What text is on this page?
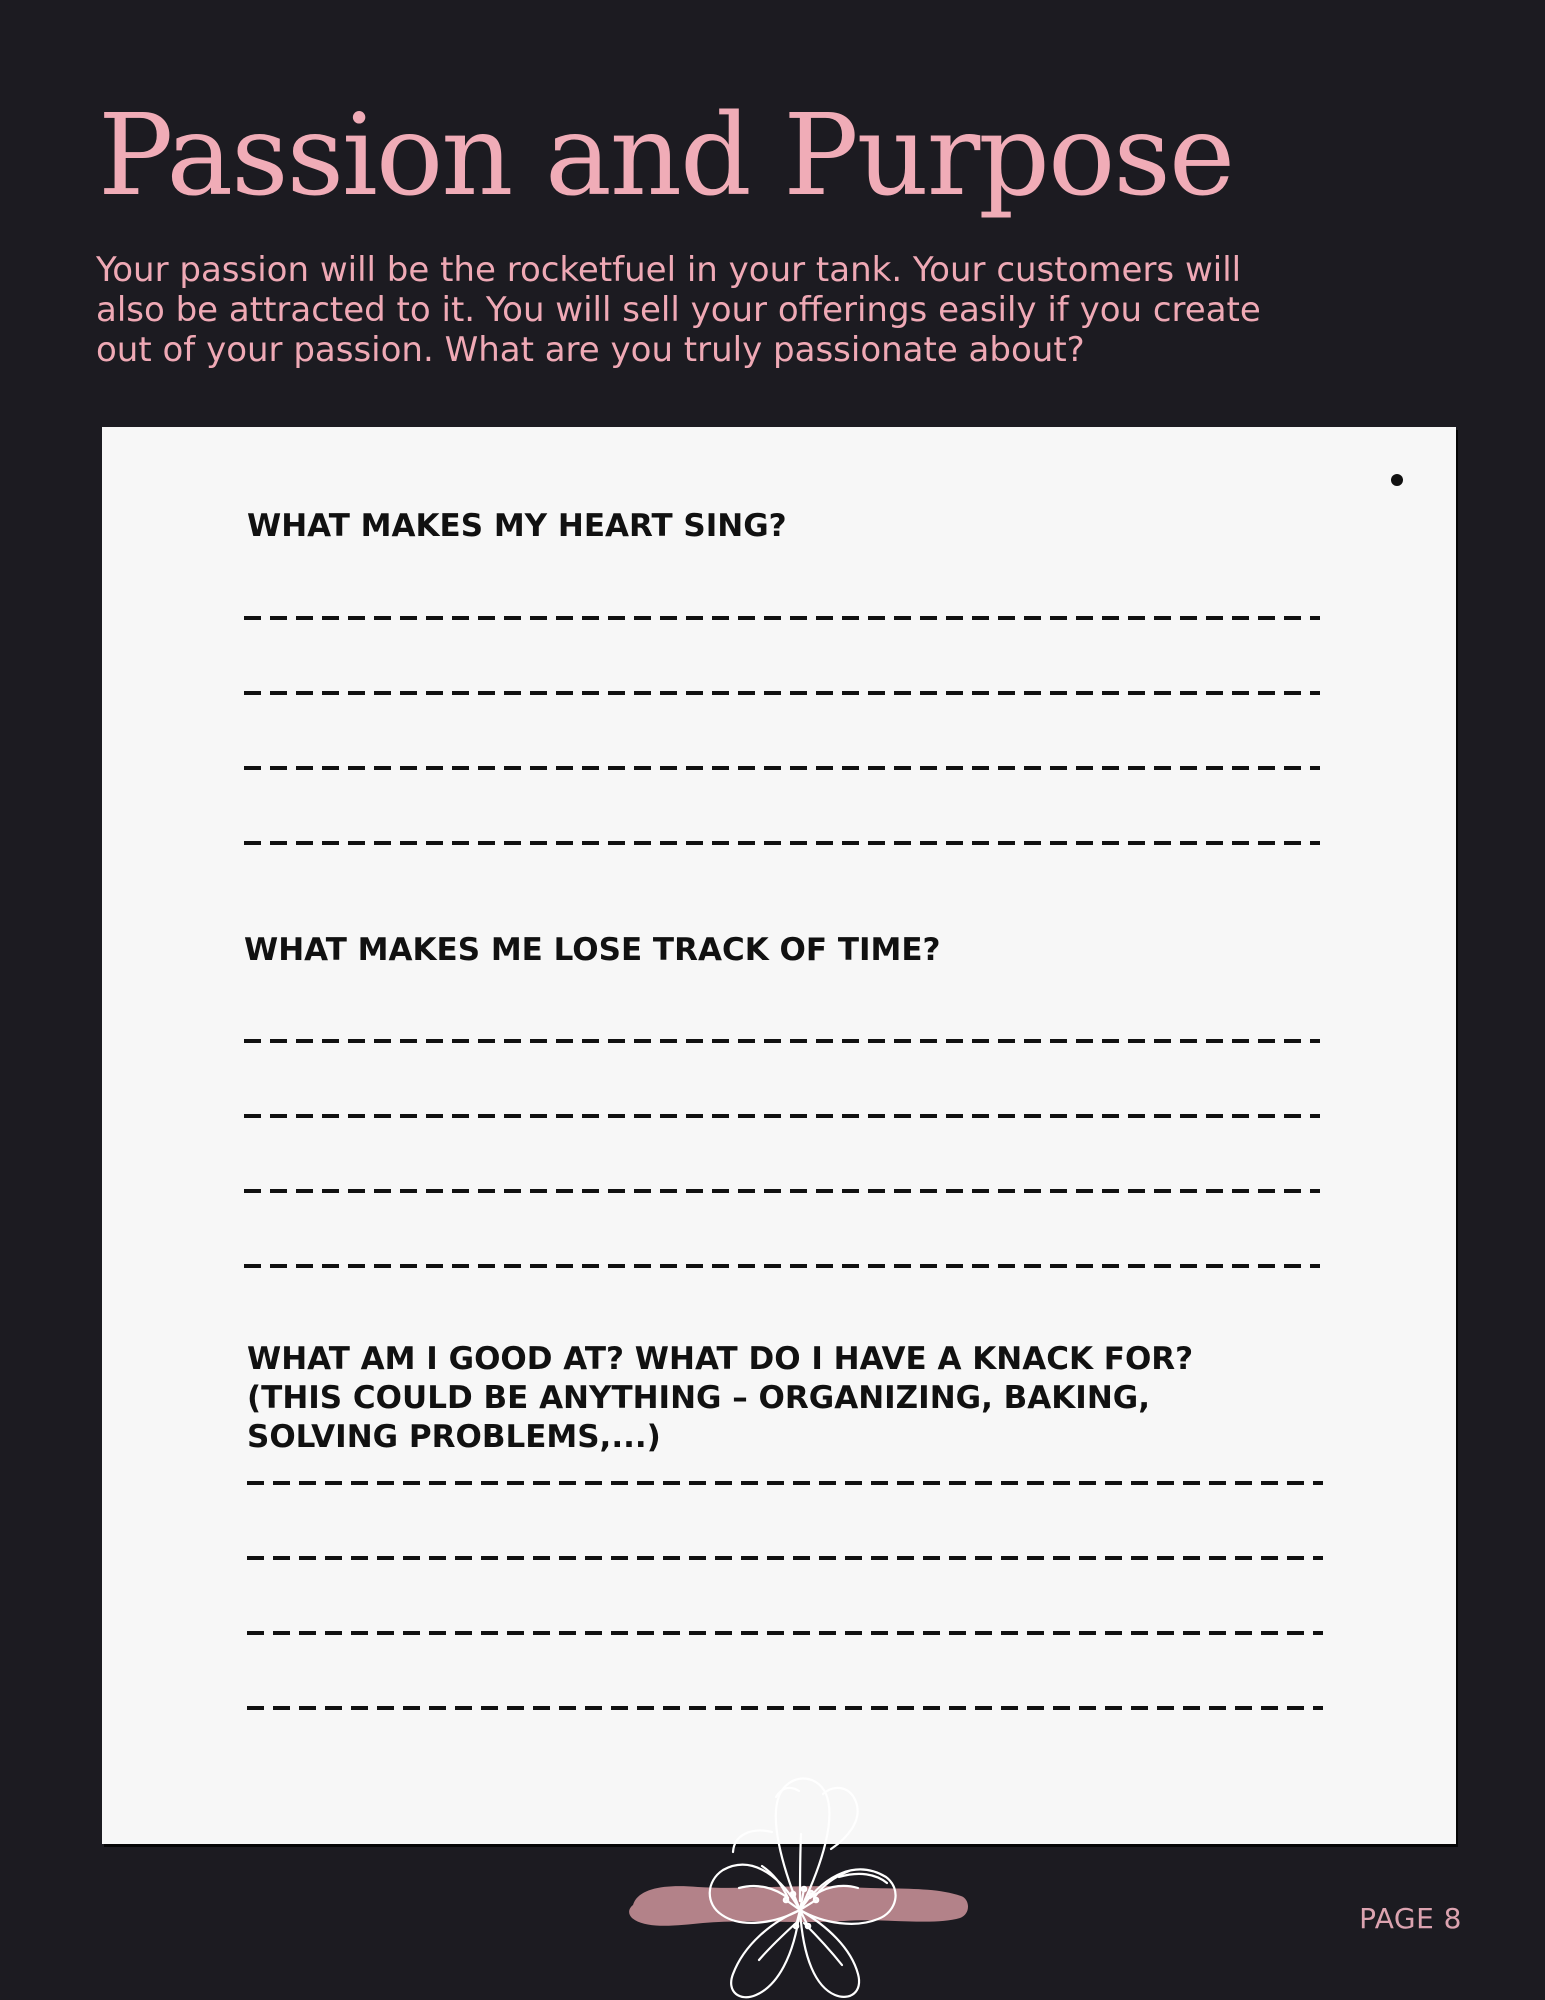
Passion and Purpose

Your passion will be the rocketfuel in your tank. Your customers will
also be attracted to it. You will sell your offerings easily if you create
out of your passion. What are you truly passionate about?

WHAT MAKES MY HEART SING?
WHAT MAKES ME LOSE TRACK OF TIME?
WHAT AM I GOOD AT? WHAT DO I HAVE A KNACK FOR?
(THIS COULD BE ANYTHING – ORGANIZING, BAKING,
SOLVING PROBLEMS,...)

PAGE 8
